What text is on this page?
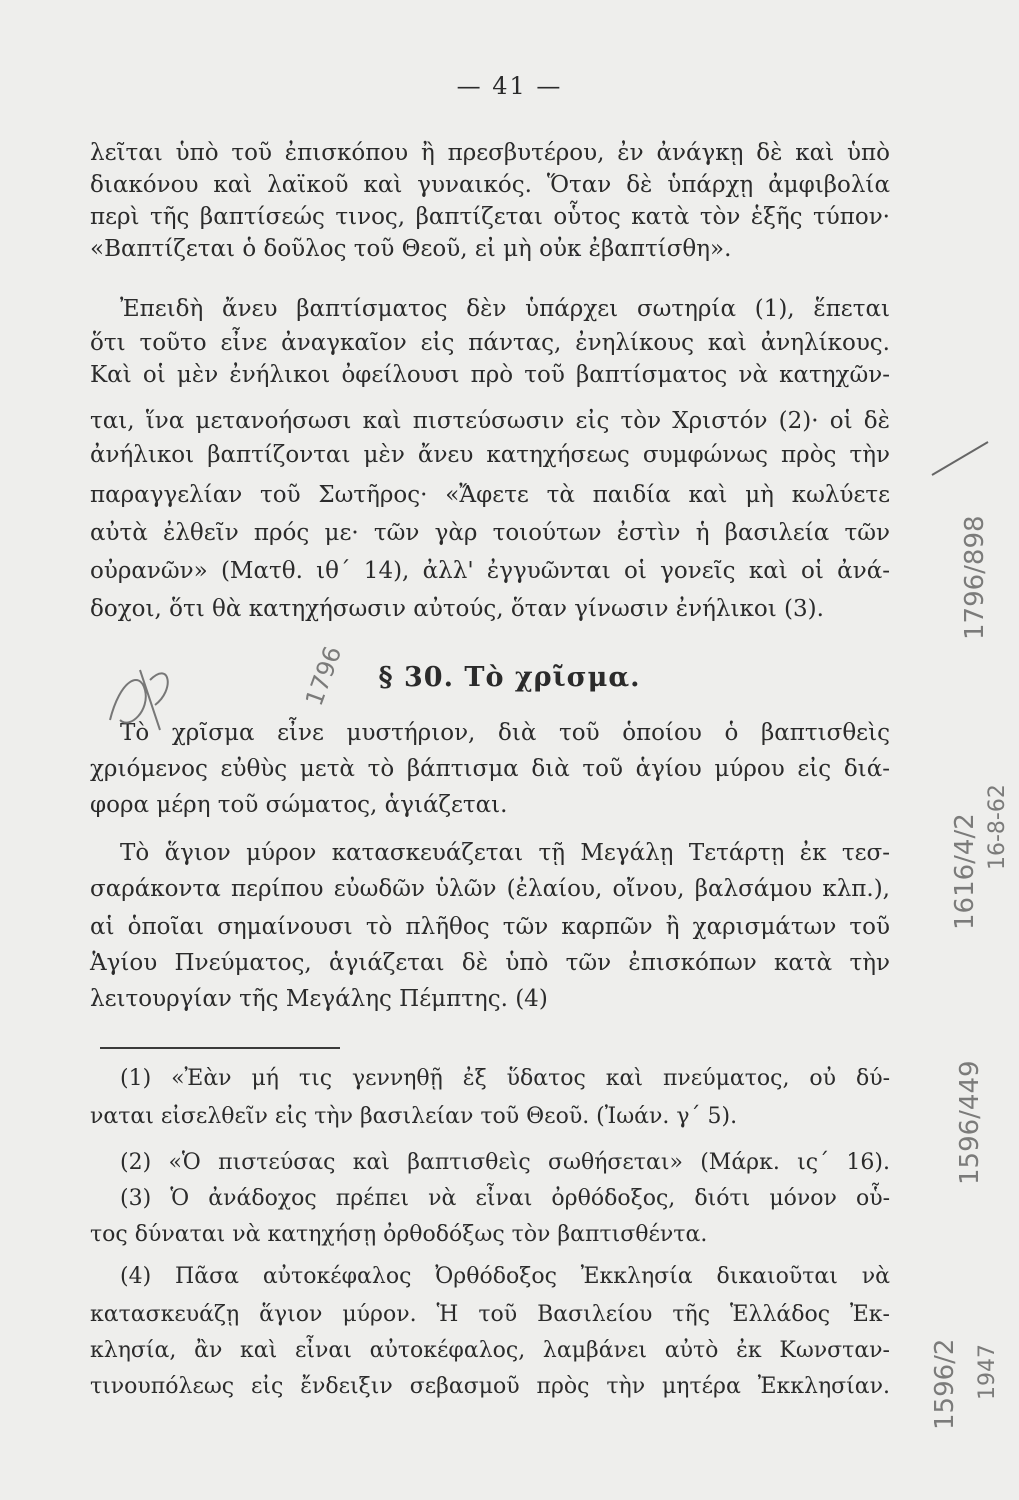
— 41 —
λεῖται ὑπὸ τοῦ ἐπισκόπου ἢ πρεσβυτέρου, ἐν ἀνάγκῃ δὲ καὶ ὑπὸ
διακόνου καὶ λαϊκοῦ καὶ γυναικός. Ὅταν δὲ ὑπάρχῃ ἀμφιβολία
περὶ τῆς βαπτίσεώς τινος, βαπτίζεται οὗτος κατὰ τὸν ἑξῆς τύπον·
«Βαπτίζεται ὁ δοῦλος τοῦ Θεοῦ, εἰ μὴ οὐκ ἐβαπτίσθη».
Ἐπειδὴ ἄνευ βαπτίσματος δὲν ὑπάρχει σωτηρία (1), ἕπεται
ὅτι τοῦτο εἶνε ἀναγκαῖον εἰς πάντας, ἐνηλίκους καὶ ἀνηλίκους.
Καὶ οἱ μὲν ἐνήλικοι ὀφείλουσι πρὸ τοῦ βαπτίσματος νὰ κατηχῶν-
ται, ἵνα μετανοήσωσι καὶ πιστεύσωσιν εἰς τὸν Χριστόν (2)· οἱ δὲ
ἀνήλικοι βαπτίζονται μὲν ἄνευ κατηχήσεως συμφώνως πρὸς τὴν
παραγγελίαν τοῦ Σωτῆρος· «Ἄφετε τὰ παιδία καὶ μὴ κωλύετε
αὐτὰ ἐλθεῖν πρός με· τῶν γὰρ τοιούτων ἐστὶν ἡ βασιλεία τῶν
οὐρανῶν» (Ματθ. ιθ΄ 14), ἀλλ' ἐγγυῶνται οἱ γονεῖς καὶ οἱ ἀνά-
δοχοι, ὅτι θὰ κατηχήσωσιν αὐτούς, ὅταν γίνωσιν ἐνήλικοι (3).
§ 30. Τὸ χρῖσμα.
Τὸ χρῖσμα εἶνε μυστήριον, διὰ τοῦ ὁποίου ὁ βαπτισθεὶς
χριόμενος εὐθὺς μετὰ τὸ βάπτισμα διὰ τοῦ ἁγίου μύρου εἰς διά-
φορα μέρη τοῦ σώματος, ἁγιάζεται.
Τὸ ἅγιον μύρον κατασκευάζεται τῇ Μεγάλῃ Τετάρτῃ ἐκ τεσ-
σαράκοντα περίπου εὐωδῶν ὑλῶν (ἐλαίου, οἴνου, βαλσάμου κλπ.),
αἱ ὁποῖαι σημαίνουσι τὸ πλῆθος τῶν καρπῶν ἢ χαρισμάτων τοῦ
Ἁγίου Πνεύματος, ἁγιάζεται δὲ ὑπὸ τῶν ἐπισκόπων κατὰ τὴν
λειτουργίαν τῆς Μεγάλης Πέμπτης. (4)
(1) «Ἐὰν μή τις γεννηθῇ ἐξ ὕδατος καὶ πνεύματος, οὐ δύ-
ναται εἰσελθεῖν εἰς τὴν βασιλείαν τοῦ Θεοῦ. (Ἰωάν. γ΄ 5).
(2) «Ὁ πιστεύσας καὶ βαπτισθεὶς σωθήσεται» (Μάρκ. ις΄ 16).
(3) Ὁ ἀνάδοχος πρέπει νὰ εἶναι ὀρθόδοξος, διότι μόνον οὗ-
τος δύναται νὰ κατηχήσῃ ὀρθοδόξως τὸν βαπτισθέντα.
(4) Πᾶσα αὐτοκέφαλος Ὀρθόδοξος Ἐκκλησία δικαιοῦται νὰ
κατασκευάζῃ ἅγιον μύρον. Ἡ τοῦ Βασιλείου τῆς Ἑλλάδος Ἐκ-
κλησία, ἂν καὶ εἶναι αὐτοκέφαλος, λαμβάνει αὐτὸ ἐκ Κωνσταν-
τινουπόλεως εἰς ἔνδειξιν σεβασμοῦ πρὸς τὴν μητέρα Ἐκκλησίαν.
1796
1796/898
1616/4/2 16-8-62
1596/449
1596/2 1947
